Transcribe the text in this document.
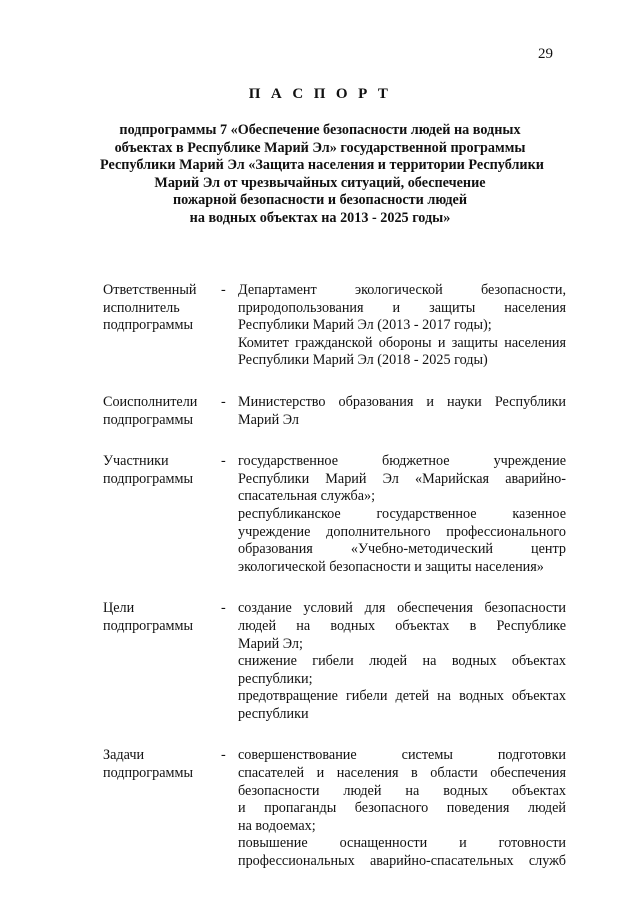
29
П А С П О Р Т
подпрограммы 7 «Обеспечение безопасности людей на водных
объектах в Республике Марий Эл» государственной программы
Республики Марий Эл «Защита населения и территории Республики
Марий Эл от чрезвычайных ситуаций, обеспечение
пожарной безопасности и безопасности людей
на водных объектах на 2013 - 2025 годы»
Ответственный
исполнитель
подпрограммы
- Департамент экологической безопасности,
природопользования и защиты населения
Республики Марий Эл (2013 - 2017 годы);
Комитет гражданской обороны и защиты населения
Республики Марий Эл (2018 - 2025 годы)
Соисполнители
подпрограммы
- Министерство образования и науки Республики
Марий Эл
Участники
подпрограммы
- государственное бюджетное учреждение
Республики Марий Эл «Марийская аварийно-
спасательная служба»;
республиканское государственное казенное
учреждение дополнительного профессионального
образования «Учебно-методический центр
экологической безопасности и защиты населения»
Цели
подпрограммы
- создание условий для обеспечения безопасности
людей на водных объектах в Республике
Марий Эл;
снижение гибели людей на водных объектах
республики;
предотвращение гибели детей на водных объектах
республики
Задачи
подпрограммы
- совершенствование системы подготовки
спасателей и населения в области обеспечения
безопасности людей на водных объектах
и пропаганды безопасного поведения людей
на водоемах;
повышение оснащенности и готовности
профессиональных аварийно-спасательных служб
